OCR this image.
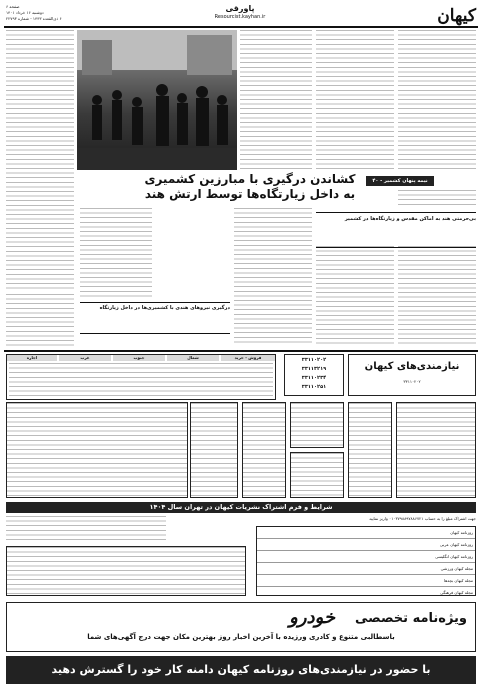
کیهان
پاورقی
Resourcist.kayhan.ir
صفحه ۶
دوشنبه ۱۶ خرداد ۱۴۰۱
۶ ذی‌القعده ۱۴۴۳ - شماره ۲۲۷۹۳
کشاندن درگیری با مبارزین کشمیری
به داخل زیارتگاه‌ها توسط ارتش هند
نیمه پنهان کشمیر - ۴۰
بی‌حرمتی هند به اماکن مقدس و زیارتگاه‌ها در کشمیر
درگیری نیروهای هندی با کشمیری‌ها در داخل زیارتگاه
نیازمندی‌های کیهان
۳۳۱۱۰۲۰۲
۳۳۱۱۰۲۰۲
۳۳۱۱۳۲۱۹
۳۳۱۱۰۲۳۴
۳۳۱۱۰۲۵۱
فروش - خرید
شمال
جنوب
غرب
اجاره
شرایط و فرم اشتراک نشریات کیهان در تهران سال ۱۴۰۴
جهت اشتراک مبلغ را به حساب ۰۱۰۳۷۹۸۸۹۷۸۸۶۷۲۱ واریز نمایید
روزنامه کیهان
روزنامه کیهان عربی
روزنامه کیهان انگلیسی
مجله کیهان ورزشی
مجله کیهان بچه‌ها
مجله کیهان فرهنگی
ویژه‌نامه تخصصی
خودرو
باسطالبی متنوع و کادری ورزیده با آخرین اخبار روز بهترین مکان جهت درج آگهی‌های شما
با حضور در نیازمندی‌های روزنامه کیهان دامنه کار خود را گسترش دهید
